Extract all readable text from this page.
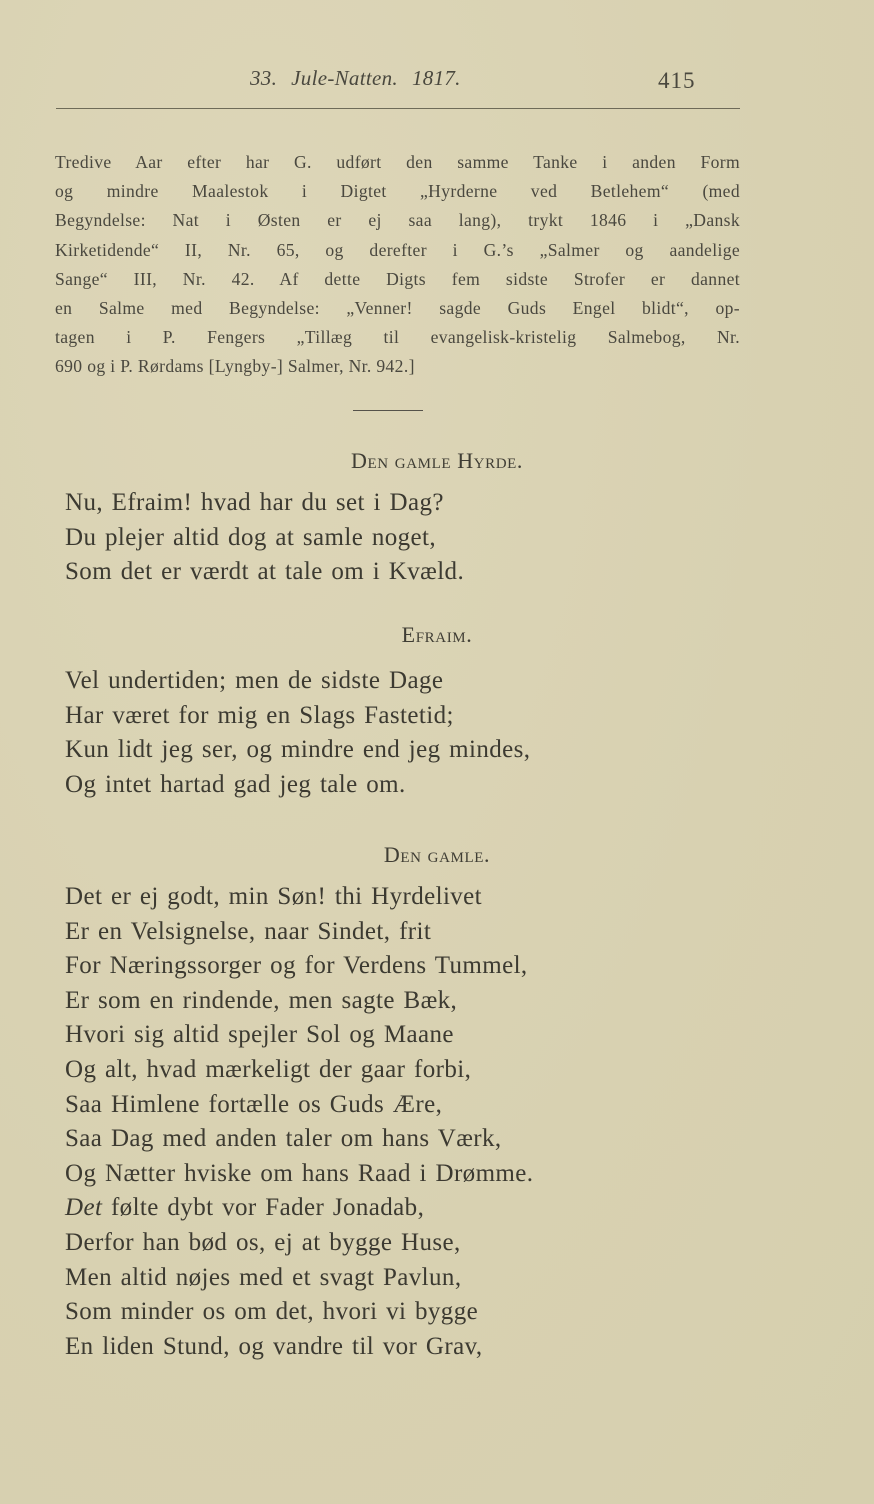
33. Jule-Natten. 1817.	415
Tredive Aar efter har G. udført den samme Tanke i anden Form
og mindre Maalestok i Digtet „Hyrderne ved Betlehem“ (med
Begyndelse: Nat i Østen er ej saa lang), trykt 1846 i „Dansk
Kirketidende“ II, Nr. 65, og derefter i G.’s „Salmer og aandelige
Sange“ III, Nr. 42. Af dette Digts fem sidste Strofer er dannet
en Salme med Begyndelse: „Venner! sagde Guds Engel blidt“, op-
tagen i P. Fengers „Tillæg til evangelisk-kristelig Salmebog, Nr.
690 og i P. Rørdams [Lyngby-] Salmer, Nr. 942.]
Den gamle Hyrde.
Nu, Efraim! hvad har du set i Dag?
Du plejer altid dog at samle noget,
Som det er værdt at tale om i Kvæld.
Efraim.
Vel undertiden; men de sidste Dage
Har været for mig en Slags Fastetid;
Kun lidt jeg ser, og mindre end jeg mindes,
Og intet hartad gad jeg tale om.
Den gamle.
Det er ej godt, min Søn! thi Hyrdelivet
Er en Velsignelse, naar Sindet, frit
For Næringssorger og for Verdens Tummel,
Er som en rindende, men sagte Bæk,
Hvori sig altid spejler Sol og Maane
Og alt, hvad mærkeligt der gaar forbi,
Saa Himlene fortælle os Guds Ære,
Saa Dag med anden taler om hans Værk,
Og Nætter hviske om hans Raad i Drømme.
Det følte dybt vor Fader Jonadab,
Derfor han bød os, ej at bygge Huse,
Men altid nøjes med et svagt Pavlun,
Som minder os om det, hvori vi bygge
En liden Stund, og vandre til vor Grav,
